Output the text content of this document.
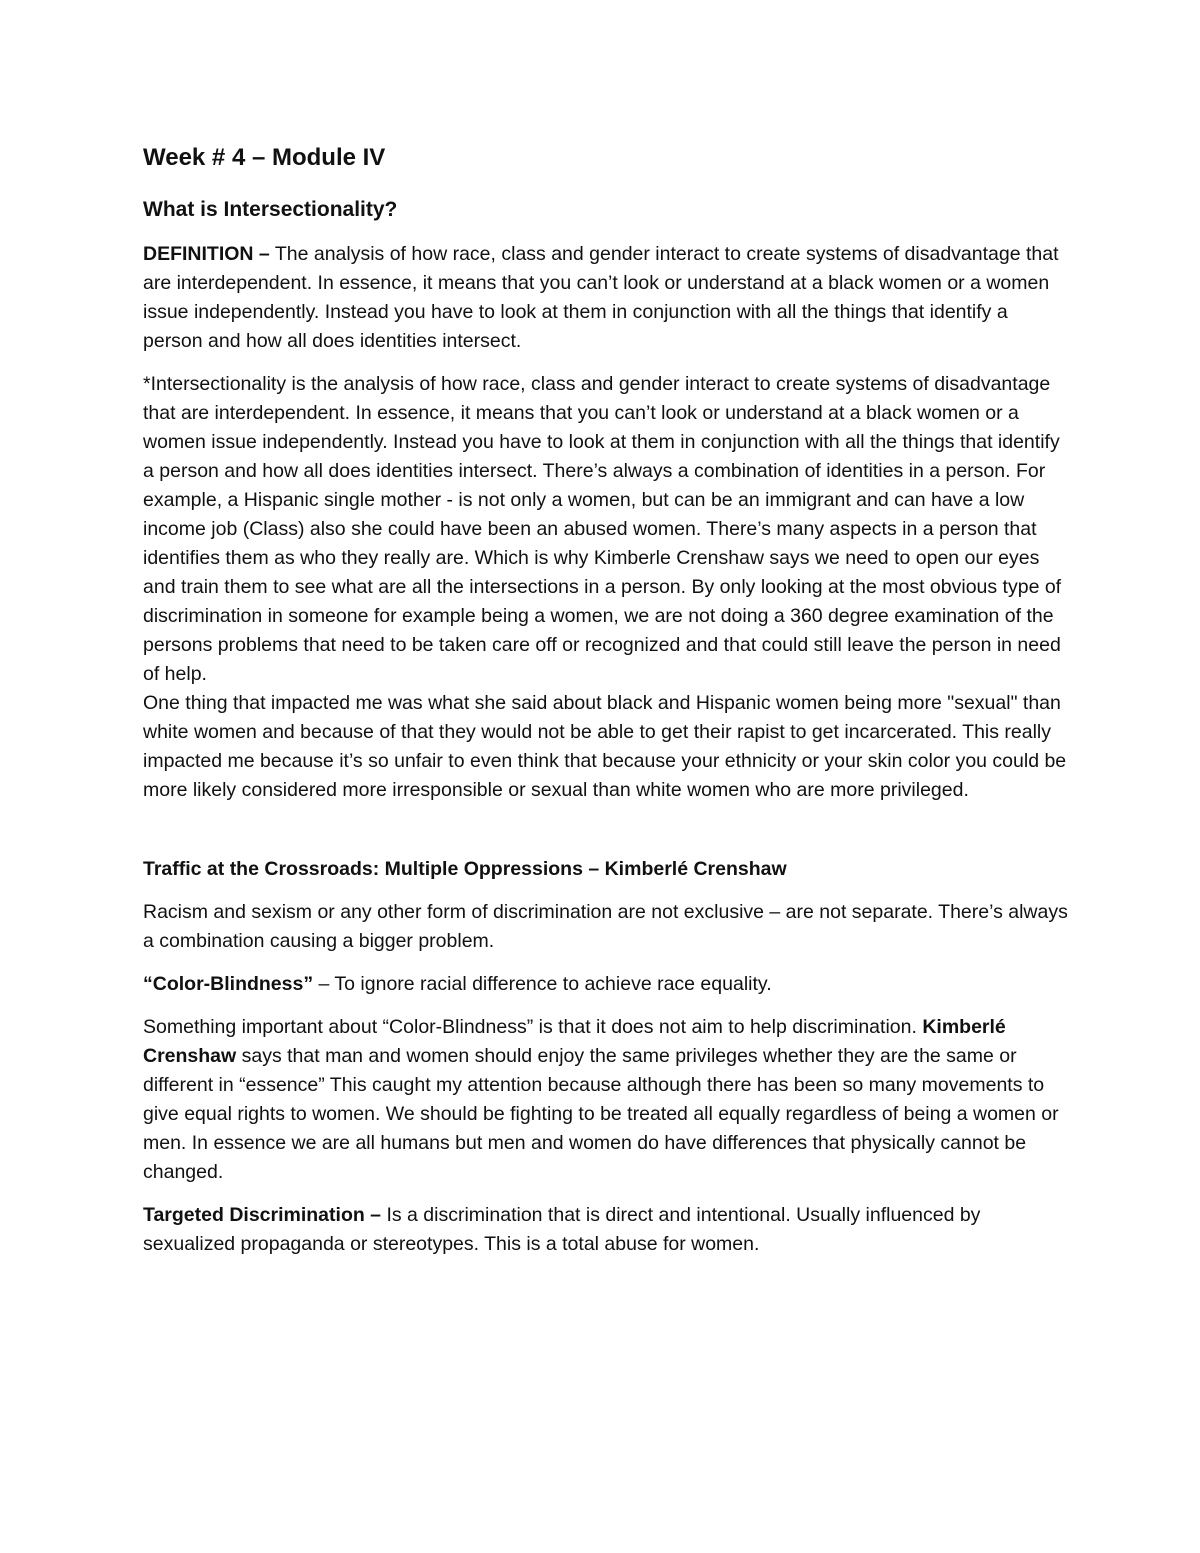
Week # 4 – Module IV
What is Intersectionality?

DEFINITION – The analysis of how race, class and gender interact to create systems of disadvantage that are interdependent. In essence, it means that you can’t look or understand at a black women or a women issue independently. Instead you have to look at them in conjunction with all the things that identify a person and how all does identities intersect.

*Intersectionality is the analysis of how race, class and gender interact to create systems of disadvantage that are interdependent. In essence, it means that you can’t look or understand at a black women or a women issue independently. Instead you have to look at them in conjunction with all the things that identify a person and how all does identities intersect. There’s always a combination of identities in a person. For example, a Hispanic single mother - is not only a women, but can be an immigrant and can have a low income job (Class) also she could have been an abused women. There’s many aspects in a person that identifies them as who they really are. Which is why Kimberle Crenshaw says we need to open our eyes and train them to see what are all the intersections in a person. By only looking at the most obvious type of discrimination in someone for example being a women, we are not doing a 360 degree examination of the persons problems that need to be taken care off or recognized and that could still leave the person in need of help.

One thing that impacted me was what she said about black and Hispanic women being more "sexual" than white women and because of that they would not be able to get their rapist to get incarcerated. This really impacted me because it’s so unfair to even think that because your ethnicity or your skin color you could be more likely considered more irresponsible or sexual than white women who are more privileged.

Traffic at the Crossroads: Multiple Oppressions – Kimberlé Crenshaw

Racism and sexism or any other form of discrimination are not exclusive – are not separate. There’s always a combination causing a bigger problem.

“Color-Blindness” – To ignore racial difference to achieve race equality.

Something important about “Color-Blindness” is that it does not aim to help discrimination. Kimberlé Crenshaw says that man and women should enjoy the same privileges whether they are the same or different in “essence” This caught my attention because although there has been so many movements to give equal rights to women. We should be fighting to be treated all equally regardless of being a women or men. In essence we are all humans but men and women do have differences that physically cannot be changed.

Targeted Discrimination – Is a discrimination that is direct and intentional. Usually influenced by sexualized propaganda or stereotypes. This is a total abuse for women.
